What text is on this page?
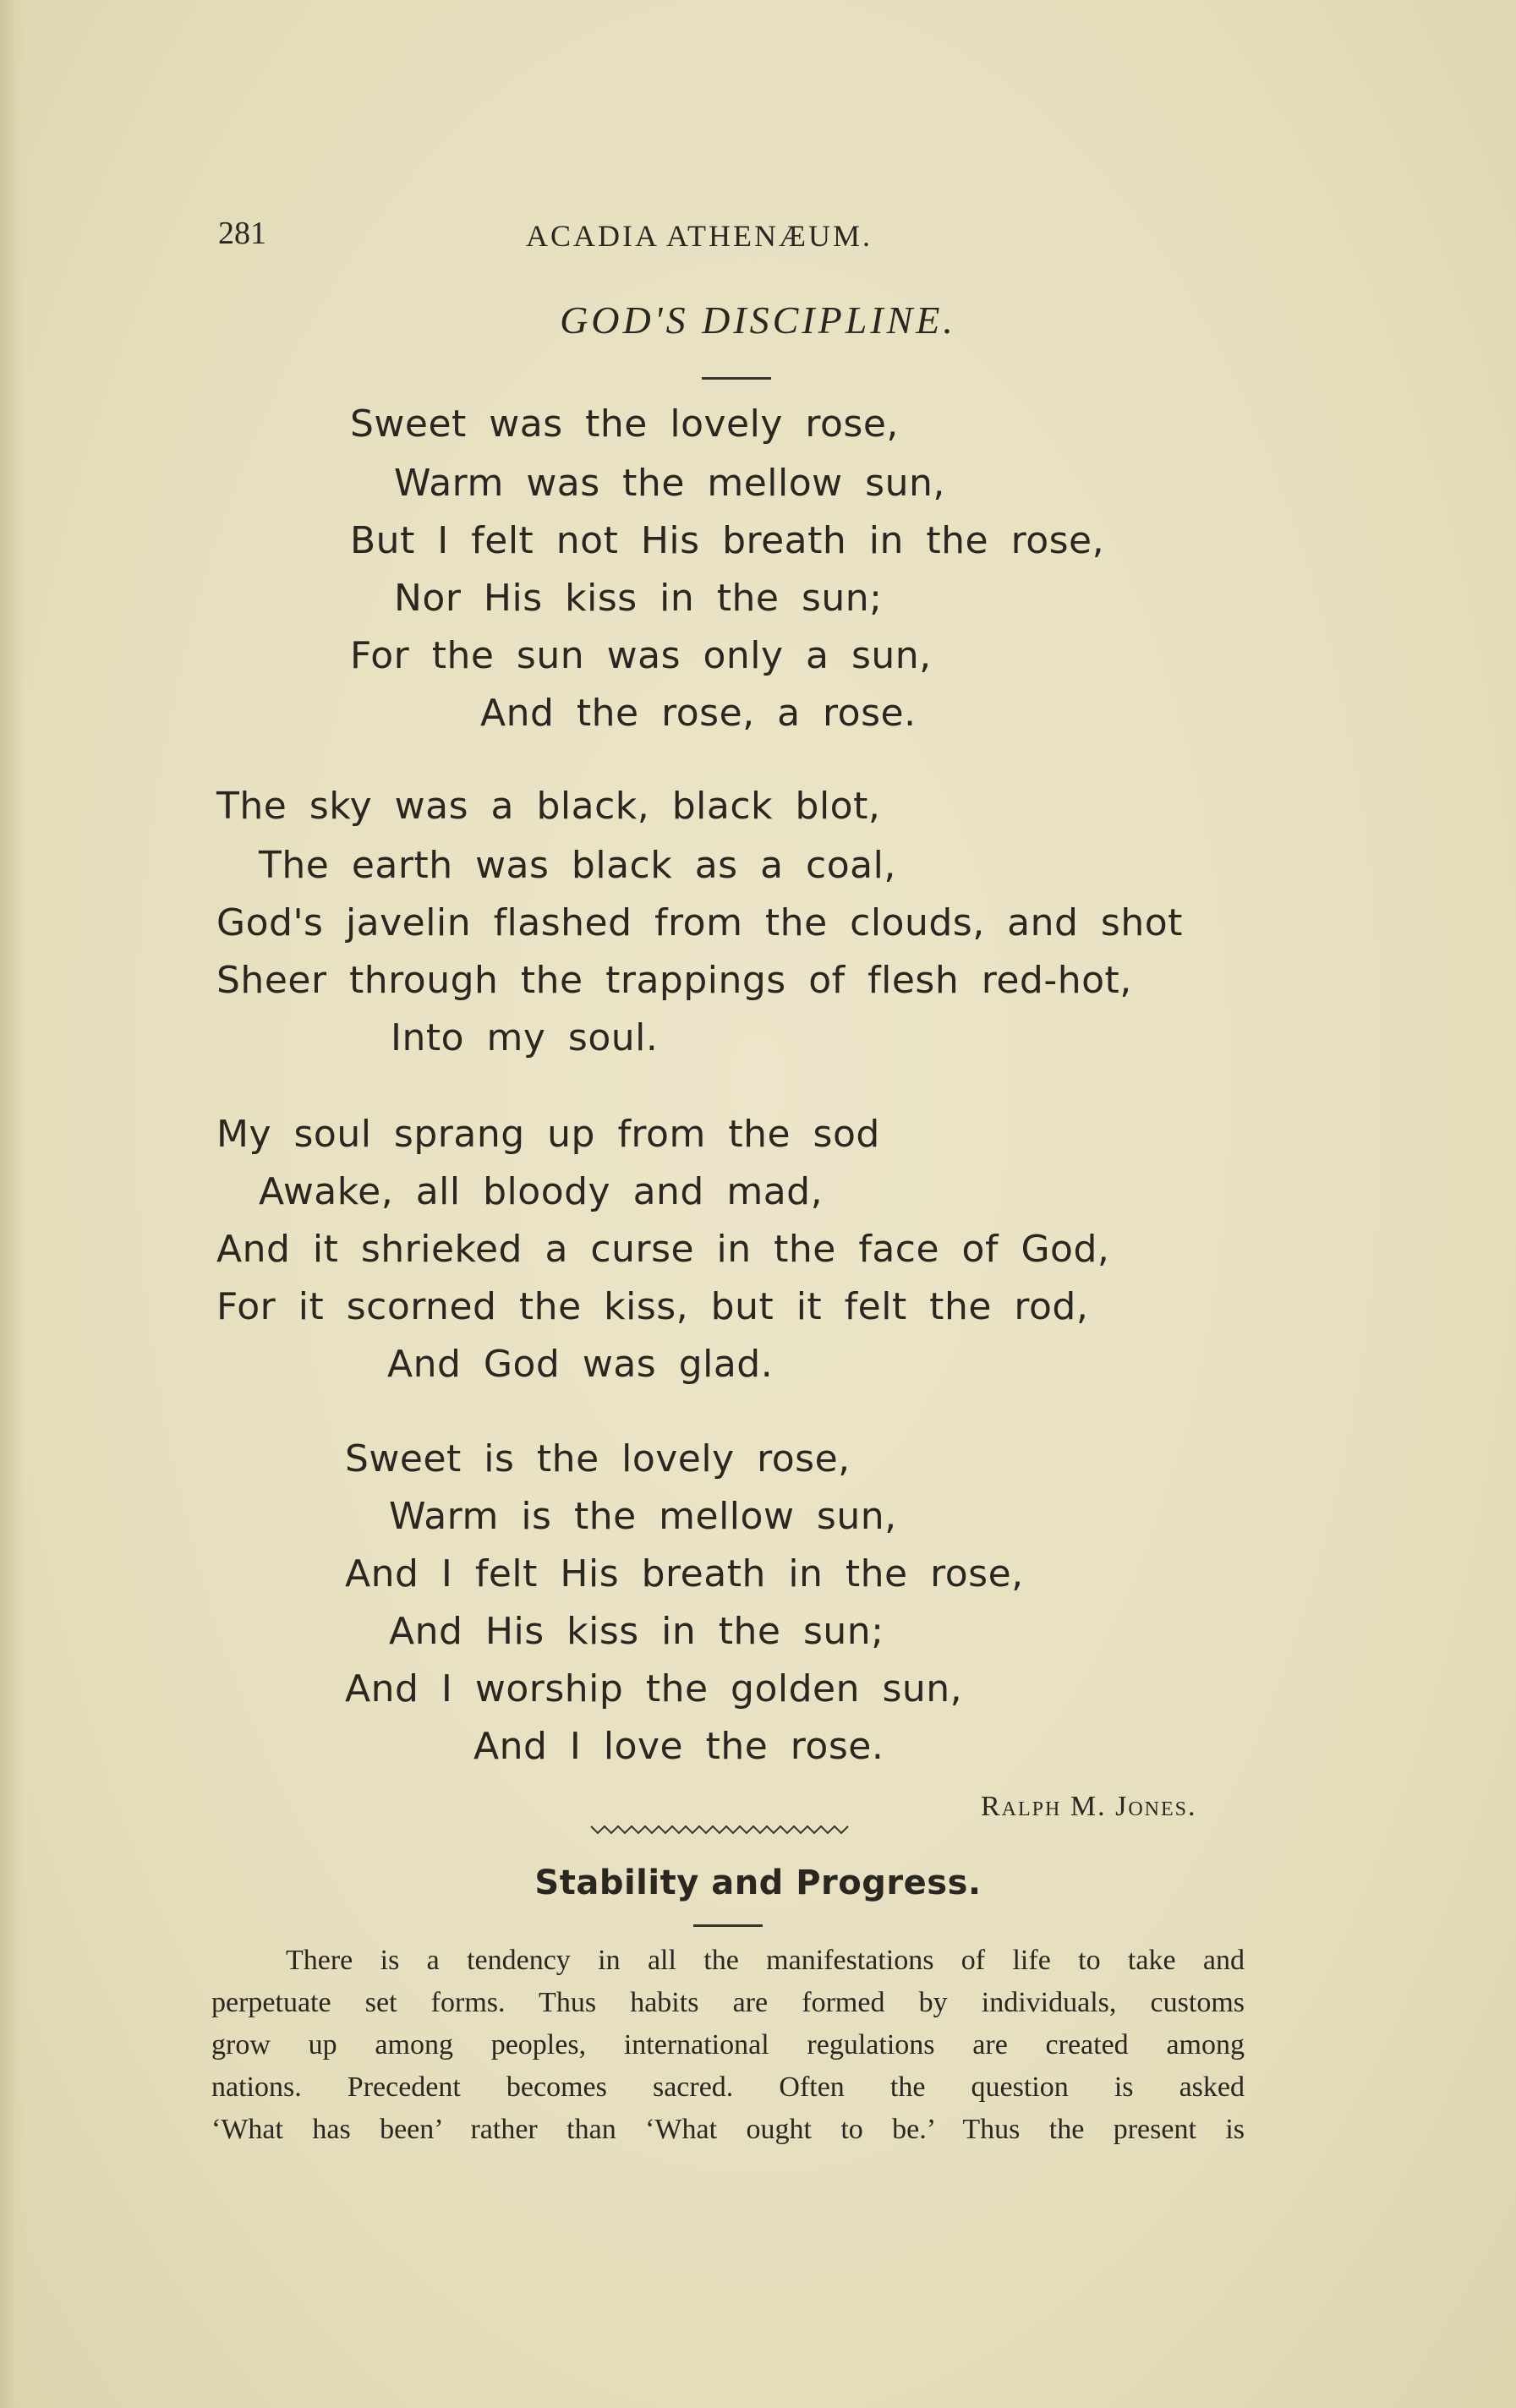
281	ACADIA ATHENÆUM.
GOD'S DISCIPLINE.
Sweet was the lovely rose,
Warm was the mellow sun,
But I felt not His breath in the rose,
Nor His kiss in the sun;
For the sun was only a sun,
And the rose, a rose.
The sky was a black, black blot,
The earth was black as a coal,
God's javelin flashed from the clouds, and shot
Sheer through the trappings of flesh red-hot,
Into my soul.
My soul sprang up from the sod
Awake, all bloody and mad,
And it shrieked a curse in the face of God,
For it scorned the kiss, but it felt the rod,
And God was glad.
Sweet is the lovely rose,
Warm is the mellow sun,
And I felt His breath in the rose,
And His kiss in the sun;
And I worship the golden sun,
And I love the rose.
Ralph M. Jones.
Stability and Progress.
There is a tendency in all the manifestations of life to take and
perpetuate set forms. Thus habits are formed by individuals, customs
grow up among peoples, international regulations are created among
nations. Precedent becomes sacred. Often the question is asked
‘What has been’ rather than ‘What ought to be.’ Thus the present is
